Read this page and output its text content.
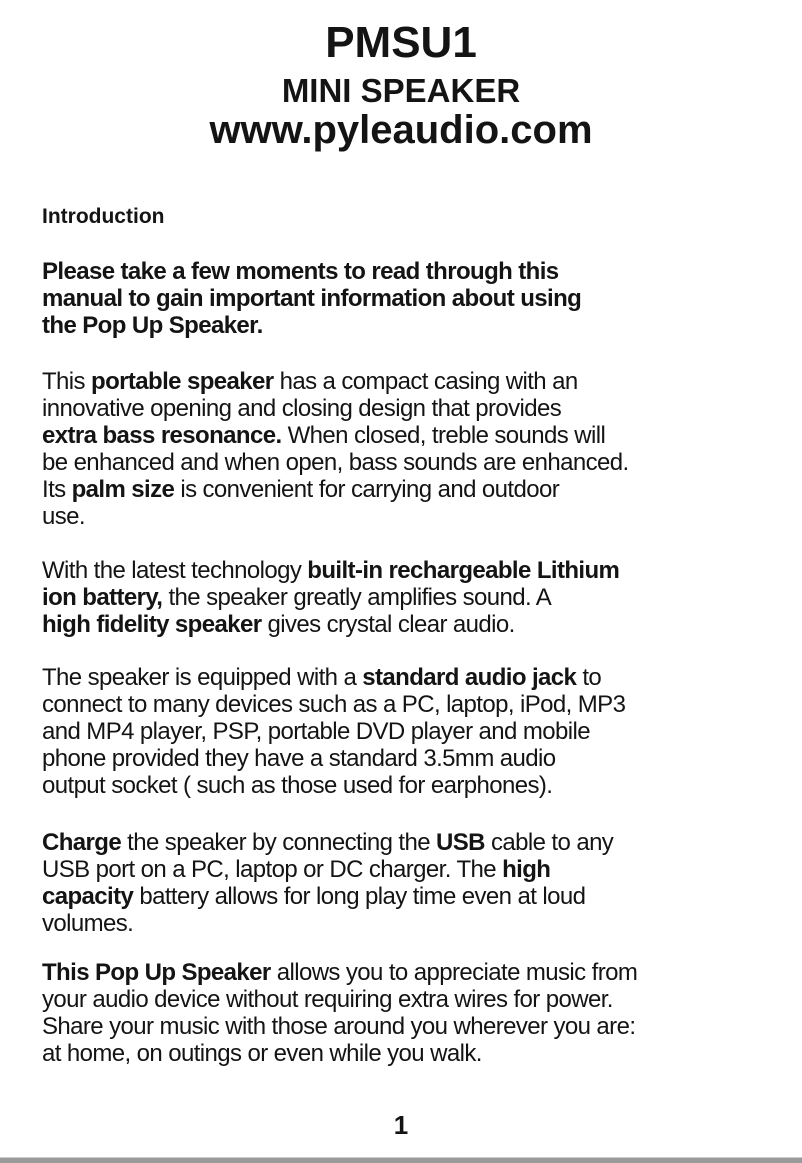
PMSU1
MINI SPEAKER
www.pyleaudio.com
Introduction
Please take a few moments to read through this
manual to gain important information about using
the Pop Up Speaker.
This portable speaker has a compact casing with an
innovative opening and closing design that provides
extra bass resonance. When closed, treble sounds will
be enhanced and when open, bass sounds are enhanced.
Its palm size is convenient for carrying and outdoor
use.
With the latest technology built-in rechargeable Lithium
ion battery, the speaker greatly amplifies sound. A
high fidelity speaker gives crystal clear audio.
The speaker is equipped with a standard audio jack to
connect to many devices such as a PC, laptop, iPod, MP3
and MP4 player, PSP, portable DVD player and mobile
phone provided they have a standard 3.5mm audio
output socket ( such as those used for earphones).
Charge the speaker by connecting the USB cable to any
USB port on a PC, laptop or DC charger. The high
capacity battery allows for long play time even at loud
volumes.
This Pop Up Speaker allows you to appreciate music from
your audio device without requiring extra wires for power.
Share your music with those around you wherever you are:
at home, on outings or even while you walk.
1
